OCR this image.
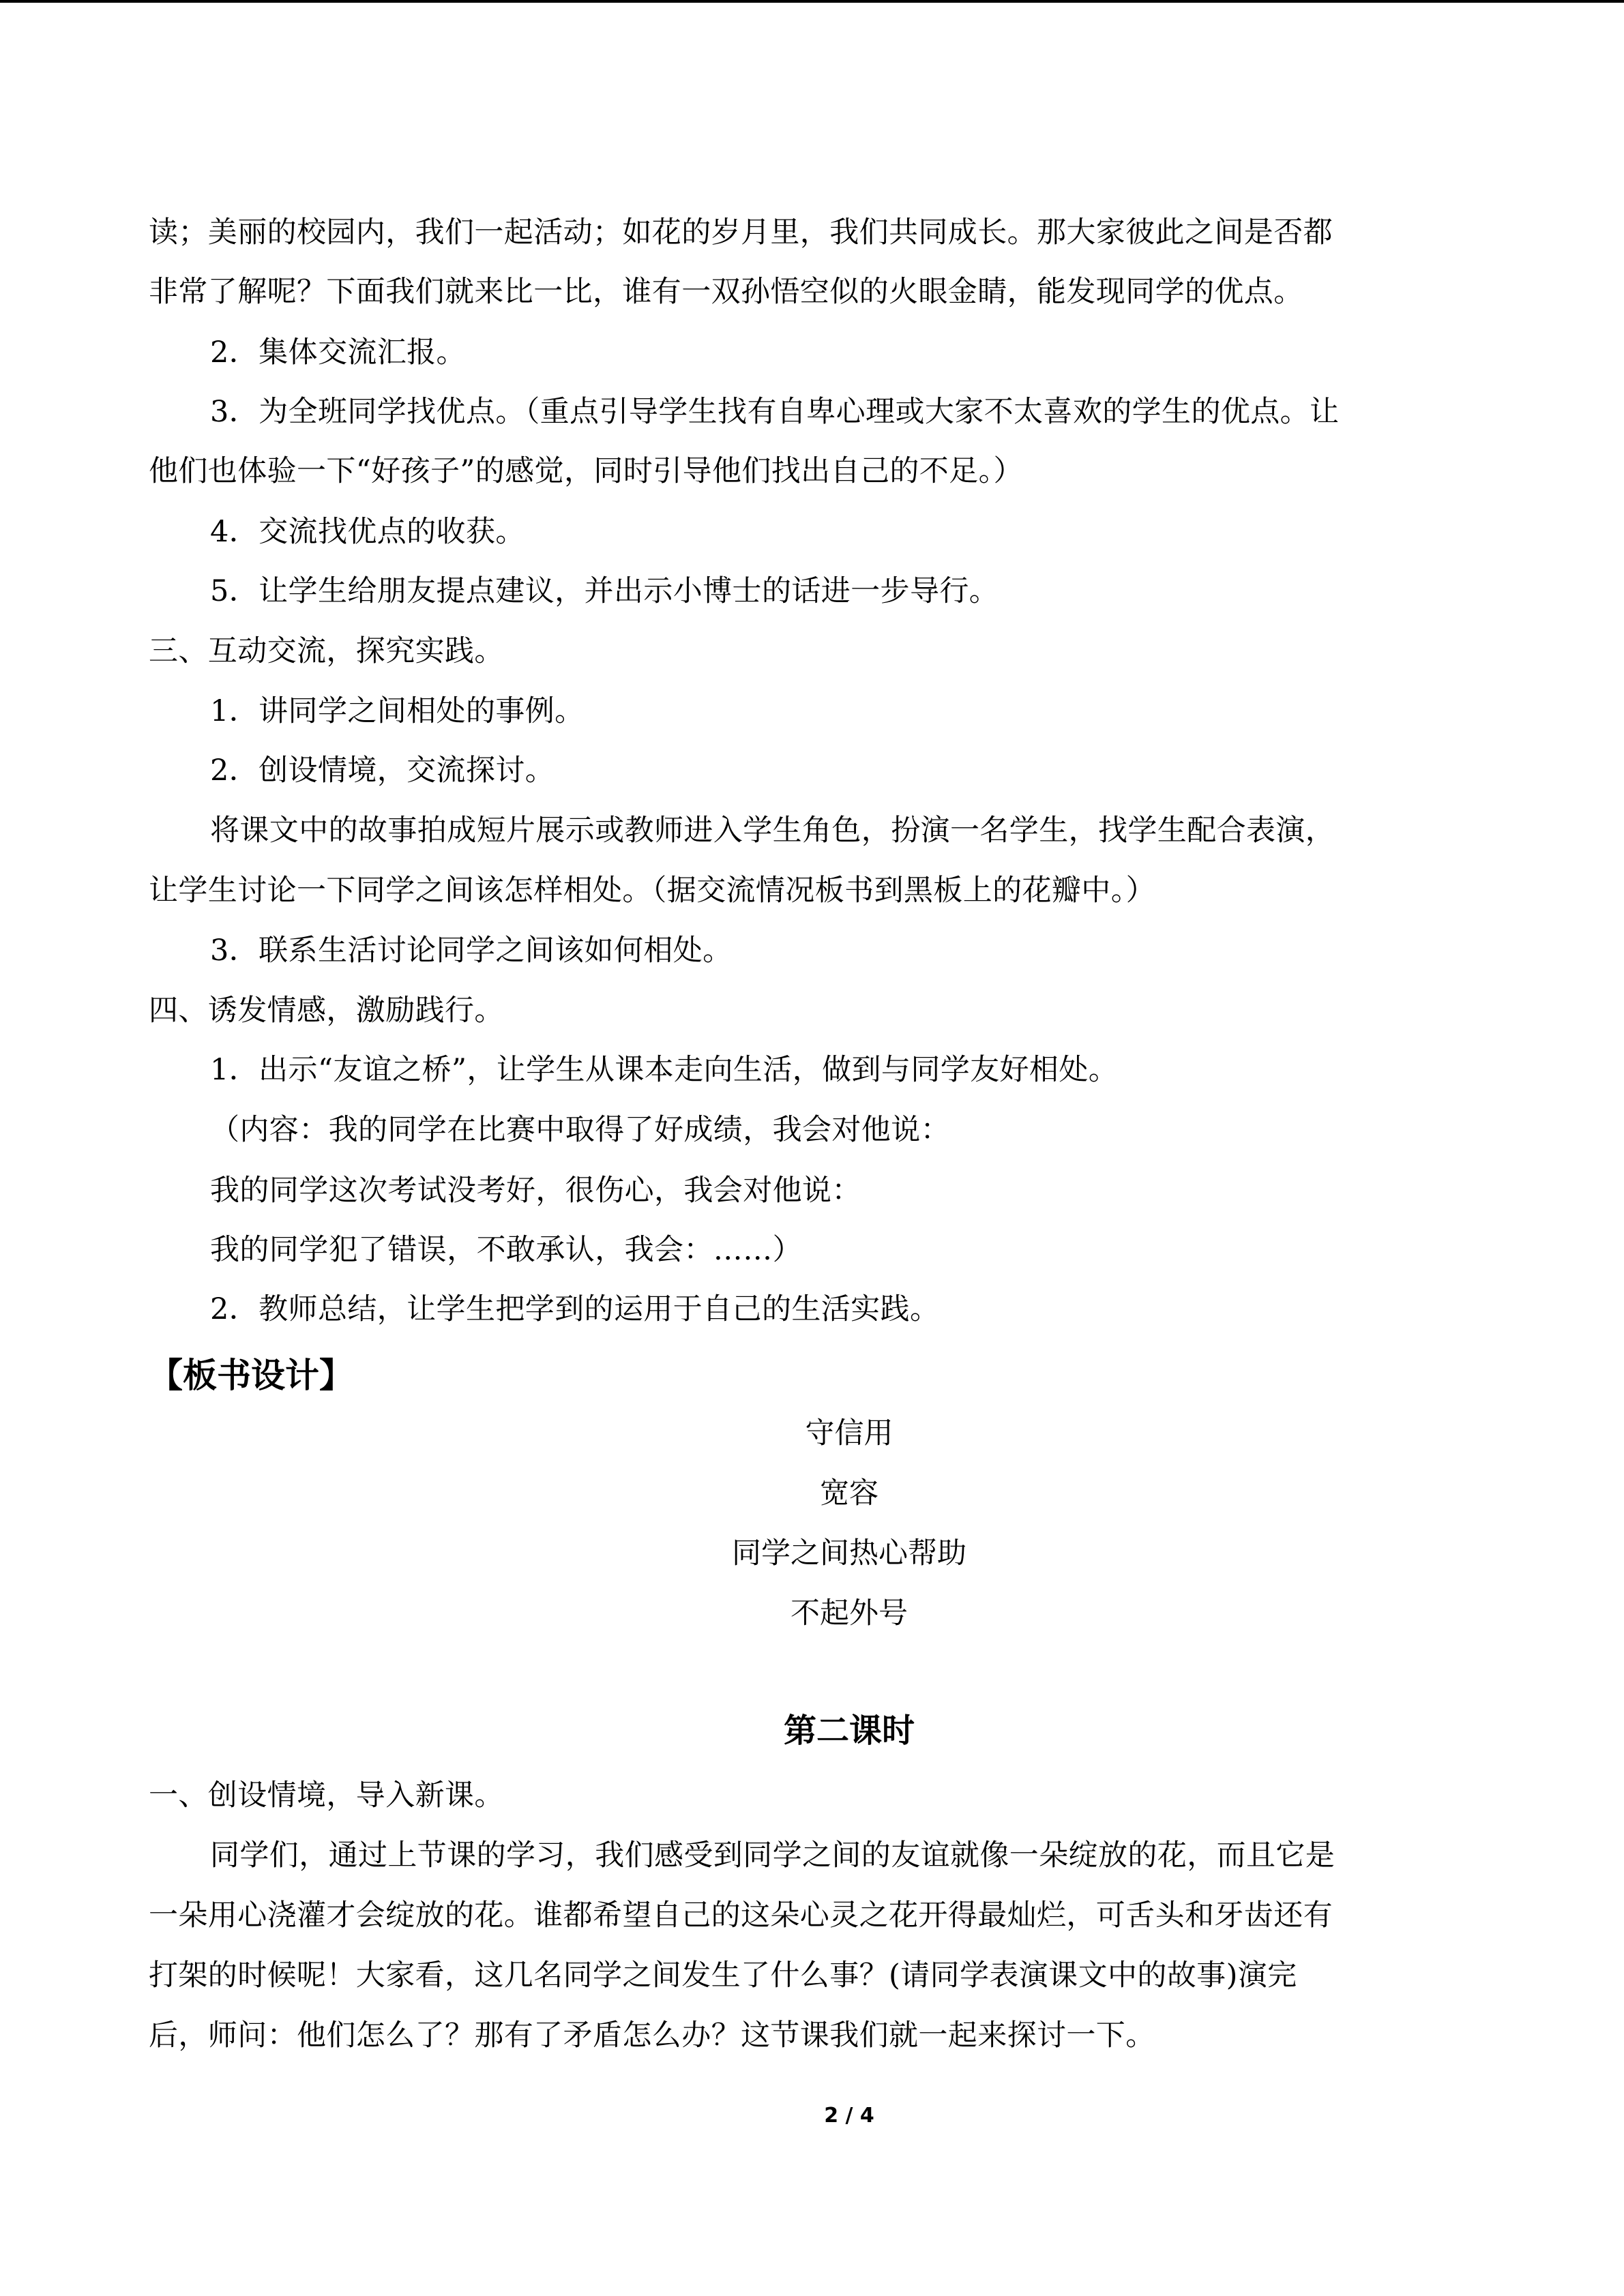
读；美丽的校园内，我们一起活动；如花的岁月里，我们共同成长。那大家彼此之间是否都

非常了解呢？下面我们就来比一比，谁有一双孙悟空似的火眼金睛，能发现同学的优点。

2．集体交流汇报。

3．为全班同学找优点。（重点引导学生找有自卑心理或大家不太喜欢的学生的优点。让

他们也体验一下“好孩子”的感觉，同时引导他们找出自己的不足。）

4．交流找优点的收获。

5．让学生给朋友提点建议，并出示小博士的话进一步导行。

三、互动交流，探究实践。

1．讲同学之间相处的事例。

2．创设情境，交流探讨。

将课文中的故事拍成短片展示或教师进入学生角色，扮演一名学生，找学生配合表演，

让学生讨论一下同学之间该怎样相处。（据交流情况板书到黑板上的花瓣中。）

3．联系生活讨论同学之间该如何相处。

四、诱发情感，激励践行。

1．出示“友谊之桥”，让学生从课本走向生活，做到与同学友好相处。

（内容：我的同学在比赛中取得了好成绩，我会对他说：

我的同学这次考试没考好，很伤心，我会对他说：

我的同学犯了错误，不敢承认，我会：……）

2．教师总结，让学生把学到的运用于自己的生活实践。

【板书设计】

守信用

宽容

同学之间热心帮助

不起外号

第二课时

一、创设情境，导入新课。

同学们，通过上节课的学习，我们感受到同学之间的友谊就像一朵绽放的花，而且它是

一朵用心浇灌才会绽放的花。谁都希望自己的这朵心灵之花开得最灿烂，可舌头和牙齿还有

打架的时候呢！大家看，这几名同学之间发生了什么事？(请同学表演课文中的故事)演完

后，师问：他们怎么了？那有了矛盾怎么办？这节课我们就一起来探讨一下。

2 / 4
